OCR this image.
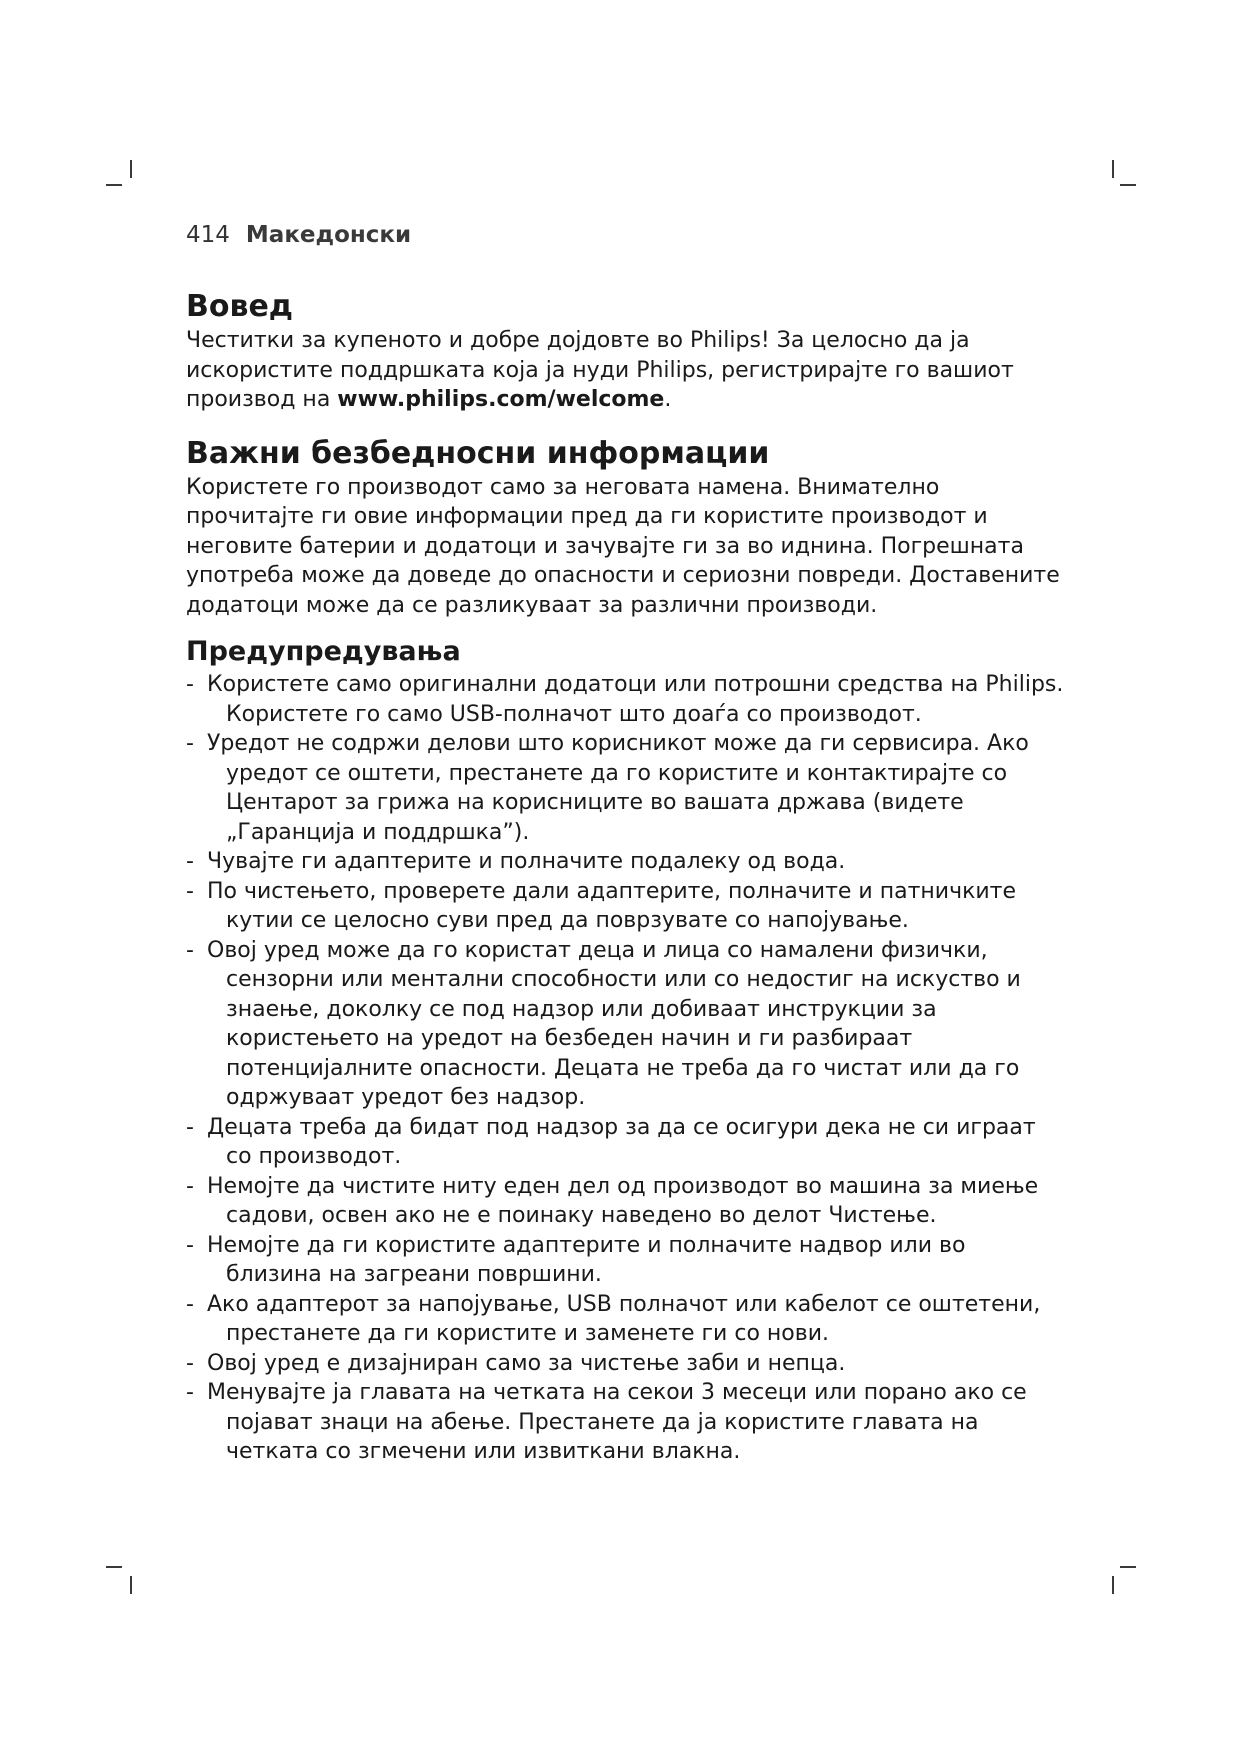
414 Македонски
Вовед

Честитки за купеното и добре дојдовте во Philips! За целосно да ја искористите поддршката која ја нуди Philips, регистрирајте го вашиот производ на www.philips.com/welcome.

Важни безбедносни информации

Користете го производот само за неговата намена. Внимателно прочитајте ги овие информации пред да ги користите производот и неговите батерии и додатоци и зачувајте ги за во иднина. Погрешната употреба може да доведе до опасности и сериозни повреди. Доставените додатоци може да се разликуваат за различни производи.

Предупредувања
- Користете само оригинални додатоци или потрошни средства на Philips. Користете го само USB-полначот што доаѓа со производот.
- Уредот не содржи делови што корисникот може да ги сервисира. Ако уредот се оштети, престанете да го користите и контактирајте со Центарот за грижа на корисниците во вашата држава (видете „Гаранција и поддршка”).
- Чувајте ги адаптерите и полначите подалеку од вода.
- По чистењето, проверете дали адаптерите, полначите и патничките кутии се целосно суви пред да поврзувате со напојување.
- Овој уред може да го користат деца и лица со намалени физички, сензорни или ментални способности или со недостиг на искуство и знаење, доколку се под надзор или добиваат инструкции за користењето на уредот на безбеден начин и ги разбираат потенцијалните опасности. Децата не треба да го чистат или да го одржуваат уредот без надзор.
- Децата треба да бидат под надзор за да се осигури дека не си играат со производот.
- Немојте да чистите ниту еден дел од производот во машина за миење садови, освен ако не е поинаку наведено во делот Чистење.
- Немојте да ги користите адаптерите и полначите надвор или во близина на загреани површини.
- Ако адаптерот за напојување, USB полначот или кабелот се оштетени, престанете да ги користите и заменете ги со нови.
- Овој уред е дизајниран само за чистење заби и непца.
- Менувајте ја главата на четката на секои 3 месеци или порано ако се појават знаци на абење. Престанете да ја користите главата на четката со згмечени или извиткани влакна.
